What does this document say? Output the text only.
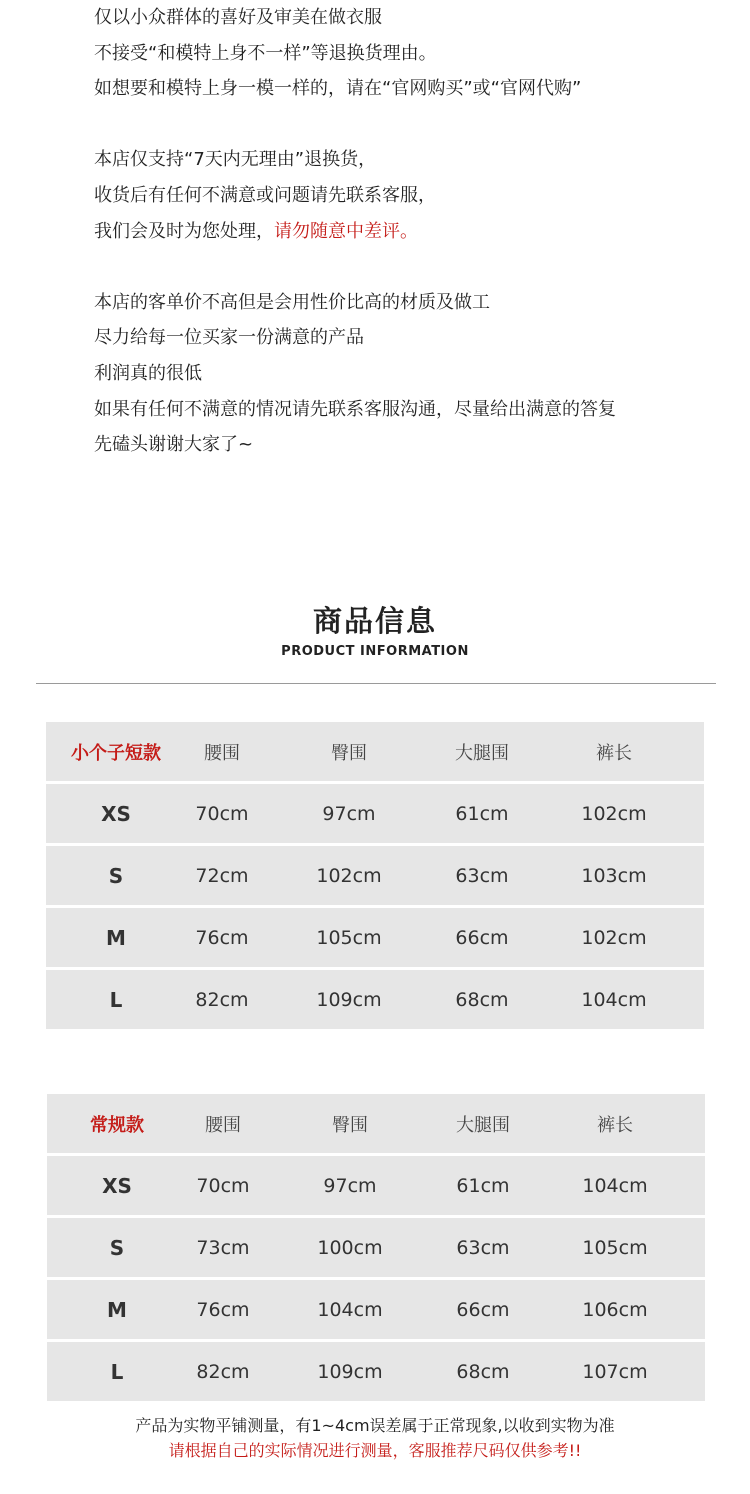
仅以小众群体的喜好及审美在做衣服

不接受“和模特上身不一样”等退换货理由。

如想要和模特上身一模一样的，请在“官网购买”或“官网代购”

本店仅支持“7天内无理由”退换货，

收货后有任何不满意或问题请先联系客服，

我们会及时为您处理，请勿随意中差评。

本店的客单价不高但是会用性价比高的材质及做工

尽力给每一位买家一份满意的产品

利润真的很低

如果有任何不满意的情况请先联系客服沟通，尽量给出满意的答复

先磕头谢谢大家了~

商品信息
PRODUCT INFORMATION
小个子短款	腰围	臀围	大腿围	裤长
XS	70cm	97cm	61cm	102cm
S	72cm	102cm	63cm	103cm
M	76cm	105cm	66cm	102cm
L	82cm	109cm	68cm	104cm
常规款	腰围	臀围	大腿围	裤长
XS	70cm	97cm	61cm	104cm
S	73cm	100cm	63cm	105cm
M	76cm	104cm	66cm	106cm
L	82cm	109cm	68cm	107cm
产品为实物平铺测量，有1~4cm误差属于正常现象,以收到实物为准
请根据自己的实际情况进行测量，客服推荐尺码仅供参考!!
